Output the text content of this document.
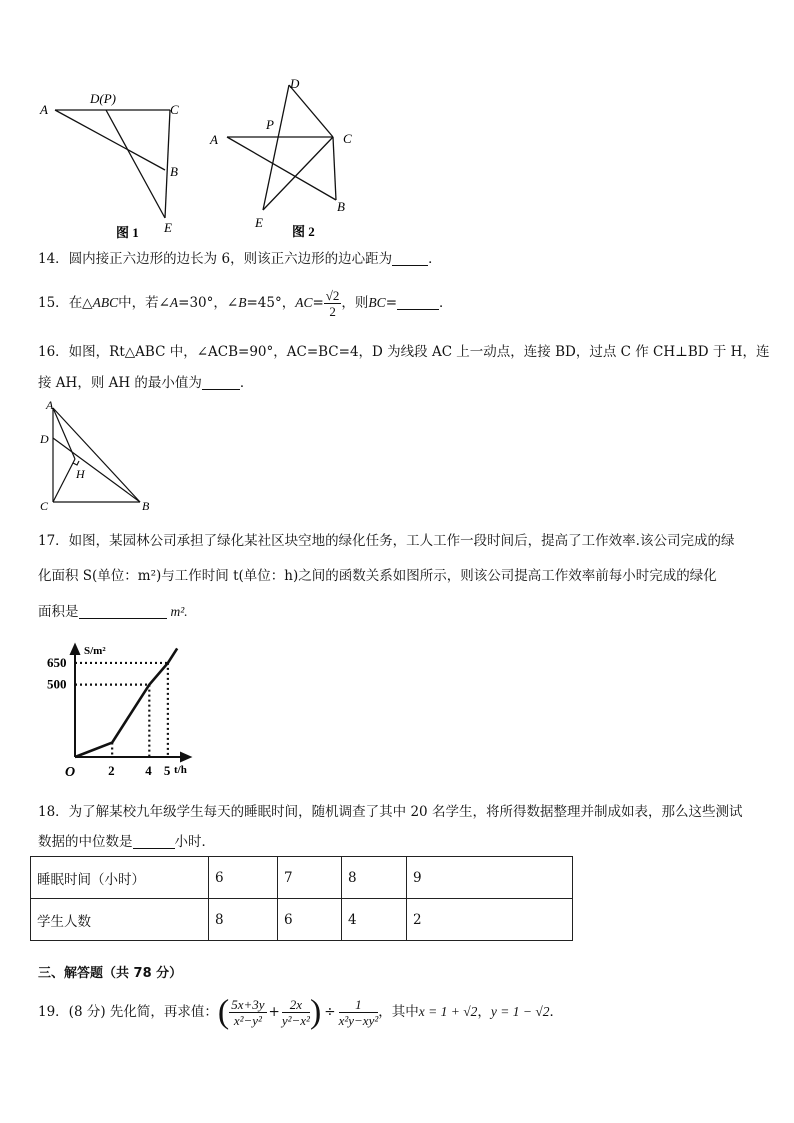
A
D(P)
C
B
E
图 1
D
P
A	C
E
B
图 2
14．圆内接正六边形的边长为 6，则该正六边形的边心距为	．
15．在△ABC中，若∠A=30°，∠B=45°，$AC= \frac{√2}{2}$ ，则BC=	．
16．如图，Rt△ABC 中，∠ACB=90°，AC=BC=4，D 为线段 AC 上一动点，连接 BD，过点 C 作 CH⊥BD 于 H，连
接 AH，则 AH 的最小值为	．
A
D
H
C	B
17．如图，某园林公司承担了绿化某社区块空地的绿化任务，工人工作一段时间后，提高了工作效率.该公司完成的绿
化面积 S(单位：m²)与工作时间 t(单位：h)之间的函数关系如图所示，则该公司提高工作效率前每小时完成的绿化
面积是	m².
2 4 5
500
650
S/m²
t/h
O
18．为了解某校九年级学生每天的睡眠时间，随机调查了其中 20 名学生，将所得数据整理并制成如表，那么这些测试
数据的中位数是	小时．
睡眠时间（小时）	6	7	8	9
学生人数	8	6	4	2
三、解答题（共 78 分）
19．(8 分) 先化简，再求值：( $\frac{5x+3y}{\text{x²−y²}} + \frac{2x}{\text{y²−x²}}$ ) ÷ $\frac{1}{\text{x²y−xy²}}$ ，其中x = 1 + √2，y = 1 − √2．
